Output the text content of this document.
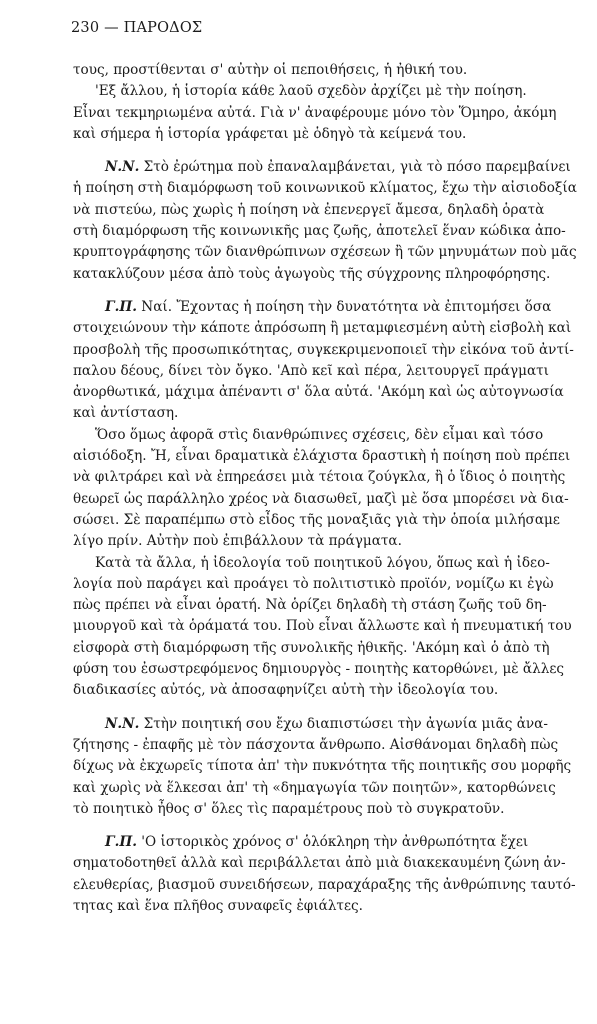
230 — ΠΑΡΟΔΟΣ
τους, προστίθενται σ' αὐτὴν οἱ πεποιθήσεις, ἡ ἠθική του.
'Εξ ἄλλου, ἡ ἱστορία κάθε λαοῦ σχεδὸν ἀρχίζει μὲ τὴν ποίηση.
Εἶναι τεκμηριωμένα αὐτά. Γιὰ ν' ἀναφέρουμε μόνο τὸν Ὅμηρο, ἀκόμη
καὶ σήμερα ἡ ἱστορία γράφεται μὲ ὁδηγὸ τὰ κείμενά του.
Ν.Ν. Στὸ ἐρώτημα ποὺ ἐπαναλαμβάνεται, γιὰ τὸ πόσο παρεμβαίνει
ἡ ποίηση στὴ διαμόρφωση τοῦ κοινωνικοῦ κλίματος, ἔχω τὴν αἰσιοδοξία
νὰ πιστεύω, πὼς χωρὶς ἡ ποίηση νὰ ἐπενεργεῖ ἄμεσα, δηλαδὴ ὁρατὰ
στὴ διαμόρφωση τῆς κοινωνικῆς μας ζωῆς, ἀποτελεῖ ἕναν κώδικα ἀπο-
κρυπτογράφησης τῶν διανθρώπινων σχέσεων ἢ τῶν μηνυμάτων ποὺ μᾶς
κατακλύζουν μέσα ἀπὸ τοὺς ἀγωγοὺς τῆς σύγχρονης πληροφόρησης.
Γ.Π. Ναί. Ἔχοντας ἡ ποίηση τὴν δυνατότητα νὰ ἐπιτομήσει ὅσα
στοιχειώνουν τὴν κάποτε ἀπρόσωπη ἢ μεταμφιεσμένη αὐτὴ εἰσβολὴ καὶ
προσβολὴ τῆς προσωπικότητας, συγκεκριμενοποιεῖ τὴν εἰκόνα τοῦ ἀντί-
παλου δέους, δίνει τὸν ὄγκο. 'Απὸ κεῖ καὶ πέρα, λειτουργεῖ πράγματι
ἀνορθωτικά, μάχιμα ἀπέναντι σ' ὅλα αὐτά. 'Ακόμη καὶ ὡς αὐτογνωσία
καὶ ἀντίσταση.
Ὅσο ὅμως ἀφορᾶ στὶς διανθρώπινες σχέσεις, δὲν εἶμαι καὶ τόσο
αἰσιόδοξη. Ἤ, εἶναι δραματικὰ ἐλάχιστα δραστικὴ ἡ ποίηση ποὺ πρέπει
νὰ φιλτράρει καὶ νὰ ἐπηρεάσει μιὰ τέτοια ζούγκλα, ἢ ὁ ἴδιος ὁ ποιητὴς
θεωρεῖ ὡς παράλληλο χρέος νὰ διασωθεῖ, μαζὶ μὲ ὅσα μπορέσει νὰ δια-
σώσει. Σὲ παραπέμπω στὸ εἶδος τῆς μοναξιᾶς γιὰ τὴν ὁποία μιλήσαμε
λίγο πρίν. Αὐτὴν ποὺ ἐπιβάλλουν τὰ πράγματα.
Κατὰ τὰ ἄλλα, ἡ ἰδεολογία τοῦ ποιητικοῦ λόγου, ὅπως καὶ ἡ ἰδεο-
λογία ποὺ παράγει καὶ προάγει τὸ πολιτιστικὸ προϊόν, νομίζω κι ἐγὼ
πὼς πρέπει νὰ εἶναι ὁρατή. Νὰ ὁρίζει δηλαδὴ τὴ στάση ζωῆς τοῦ δη-
μιουργοῦ καὶ τὰ ὁράματά του. Ποὺ εἶναι ἄλλωστε καὶ ἡ πνευματική του
εἰσφορὰ στὴ διαμόρφωση τῆς συνολικῆς ἠθικῆς. 'Ακόμη καὶ ὁ ἀπὸ τὴ
φύση του ἐσωστρεφόμενος δημιουργὸς - ποιητὴς κατορθώνει, μὲ ἄλλες
διαδικασίες αὐτός, νὰ ἀποσαφηνίζει αὐτὴ τὴν ἰδεολογία του.
Ν.Ν. Στὴν ποιητική σου ἔχω διαπιστώσει τὴν ἀγωνία μιᾶς ἀνα-
ζήτησης - ἐπαφῆς μὲ τὸν πάσχοντα ἄνθρωπο. Αἰσθάνομαι δηλαδὴ πὼς
δίχως νὰ ἐκχωρεῖς τίποτα ἀπ' τὴν πυκνότητα τῆς ποιητικῆς σου μορφῆς
καὶ χωρὶς νὰ ἕλκεσαι ἀπ' τὴ «δημαγωγία τῶν ποιητῶν», κατορθώνεις
τὸ ποιητικὸ ἦθος σ' ὅλες τὶς παραμέτρους ποὺ τὸ συγκρατοῦν.
Γ.Π. 'Ο ἱστορικὸς χρόνος σ' ὁλόκληρη τὴν ἀνθρωπότητα ἔχει
σηματοδοτηθεῖ ἀλλὰ καὶ περιβάλλεται ἀπὸ μιὰ διακεκαυμένη ζώνη ἀν-
ελευθερίας, βιασμοῦ συνειδήσεων, παραχάραξης τῆς ἀνθρώπινης ταυτό-
τητας καὶ ἕνα πλῆθος συναφεῖς ἐφιάλτες.
